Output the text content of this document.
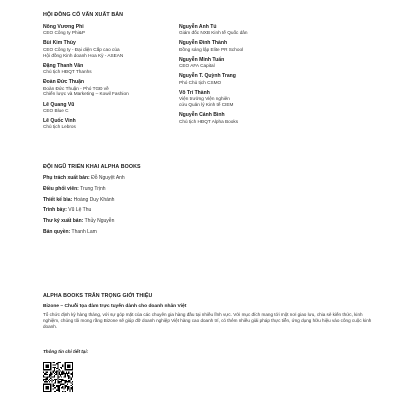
HỘI ĐỒNG CỐ VẤN XUẤT BẢN
Nông Vương Phi
CEO Công ty Phi&P
Bùi Kim Thùy
CEO Công ty - Đại diện Cấp cao của
Hội đồng Kinh doanh Hoa Kỳ - ASEAN
Đặng Thanh Vân
Chủ tịch HĐQT Thanhs
Đoàn Đức Thuận
Đoàn Đức Thuận - Phó TGĐ về
Chiến lược và Marketing – Kowil Fashion
Lê Quang Vũ
CEO Blue C
Lê Quốc Vinh
Chủ tịch Lebros
Nguyễn Anh Tú
Giám đốc NXB Kinh tế Quốc dân
Nguyễn Đình Thành
Đồng sáng lập Elite PR School
Nguyễn Minh Tuấn
CEO AFA Capital
Nguyễn T. Quỳnh Trang
Phó Chủ tịch CSMO
Võ Trí Thành
Viện trưởng Viện nghiên
cứu Quản lý Kinh tế CIEM
Nguyễn Cảnh Bình
Chủ tịch HĐQT Alpha Books
ĐỘI NGŨ TRIỂN KHAI ALPHA BOOKS
Phụ trách xuất bản: Đỗ Nguyệt Anh
Điều phối viên: Trung Trịnh
Thiết kế bìa: Hoàng Duy Khánh
Trình bày: Vũ Lệ Thu
Thư ký xuất bản: Thủy Nguyễn
Bản quyền: Thanh Lam
ALPHA BOOKS TRÂN TRỌNG GIỚI THIỆU
Bizone – Chuỗi tọa đàm trực tuyến dành cho doanh nhân Việt

Tổ chức định kỳ hàng tháng, với sự góp mặt của các chuyên gia hàng đầu tại nhiều lĩnh vực. Với mục đích mang tới một nơi giao lưu, chia sẻ kiến thức, kinh nghiệm, chúng tôi mong rằng Bizone sẽ giúp đỡ doanh nghiệp Việt hàng cao doanh trí, có thêm nhiều giải pháp thực tiễn, ứng dụng hữu hiệu vào công cuộc kinh doanh.

Thông tin chi tiết tại:
